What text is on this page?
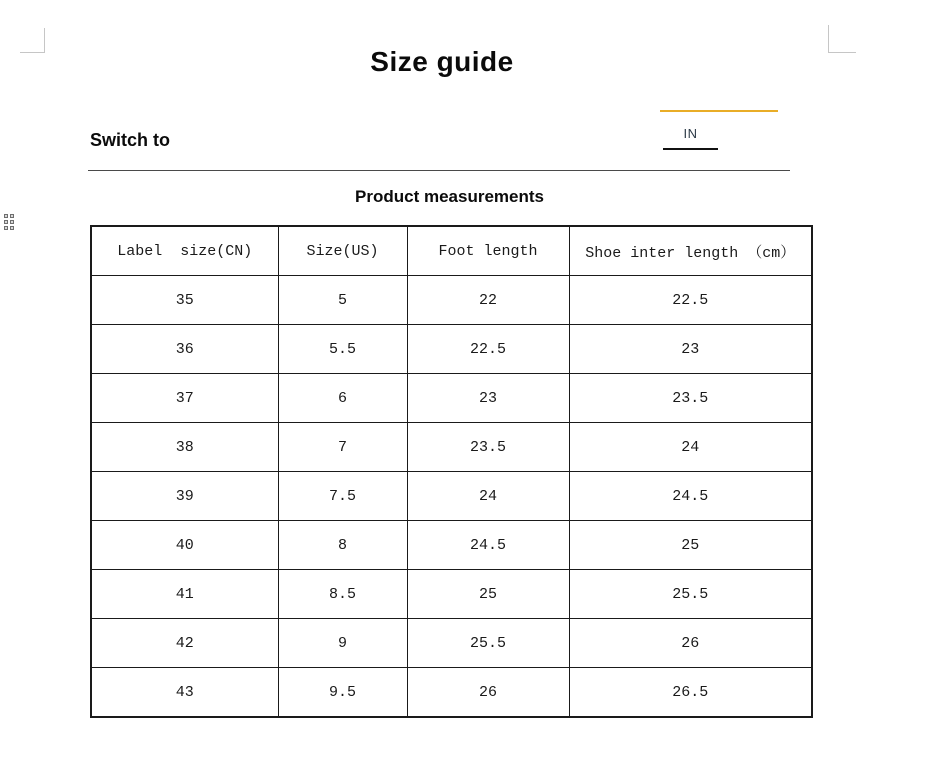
Size guide
Switch to	IN
Product measurements
Label  size(CN)	Size(US)	Foot length	Shoe inter length （cm）
35	5	22	22.5
36	5.5	22.5	23
37	6	23	23.5
38	7	23.5	24
39	7.5	24	24.5
40	8	24.5	25
41	8.5	25	25.5
42	9	25.5	26
43	9.5	26	26.5
